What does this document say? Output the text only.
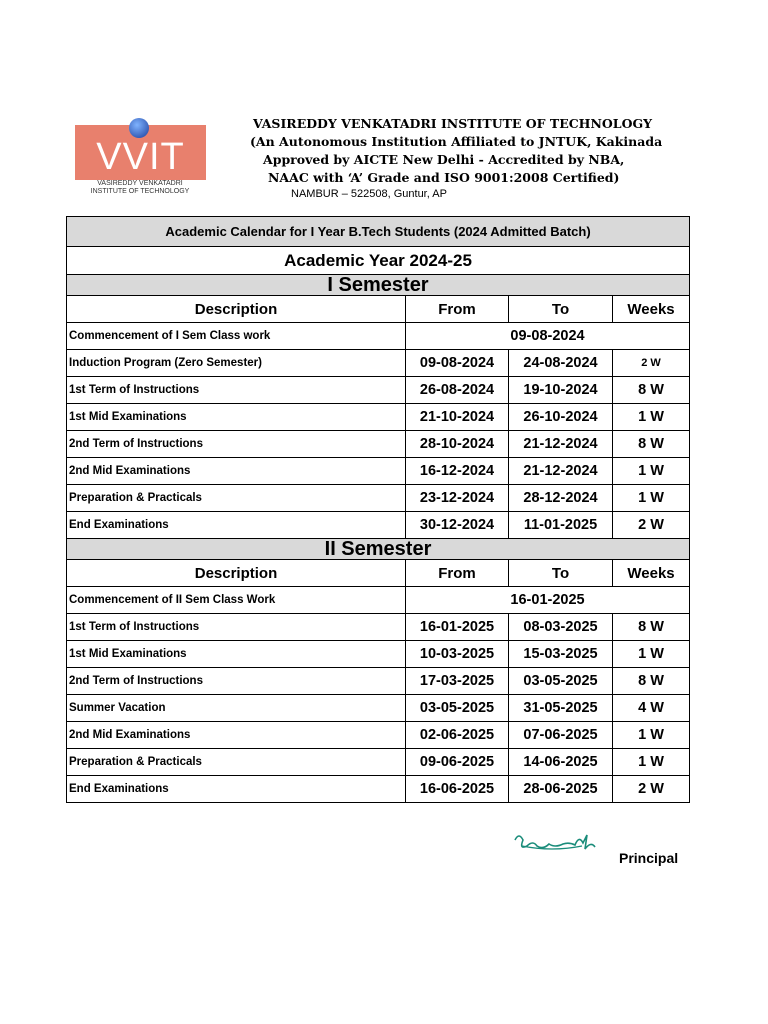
VVIT
VASIREDDY VENKATADRI
INSTITUTE OF TECHNOLOGY
VASIREDDY VENKATADRI INSTITUTE OF TECHNOLOGY
(An Autonomous Institution Affiliated to JNTUK, Kakinada
Approved by AICTE New Delhi - Accredited by NBA,
NAAC with ‘A’ Grade and ISO 9001:2008 Certified)
NAMBUR – 522508, Guntur, AP
Academic Calendar for I Year B.Tech Students (2024 Admitted Batch)			
Academic Year 2024-25			
I Semester			
Description	From	To	Weeks
Commencement of I Sem Class work	09-08-2024		
Induction Program (Zero Semester)	09-08-2024	24-08-2024	2 W
1st Term of Instructions	26-08-2024	19-10-2024	8 W
1st Mid Examinations	21-10-2024	26-10-2024	1 W
2nd Term of Instructions	28-10-2024	21-12-2024	8 W
2nd Mid Examinations	16-12-2024	21-12-2024	1 W
Preparation & Practicals	23-12-2024	28-12-2024	1 W
End Examinations	30-12-2024	11-01-2025	2 W
II Semester			
Description	From	To	Weeks
Commencement of II Sem Class Work	16-01-2025		
1st Term of Instructions	16-01-2025	08-03-2025	8 W
1st Mid Examinations	10-03-2025	15-03-2025	1 W
2nd Term of Instructions	17-03-2025	03-05-2025	8 W
Summer Vacation	03-05-2025	31-05-2025	4 W
2nd Mid Examinations	02-06-2025	07-06-2025	1 W
Preparation & Practicals	09-06-2025	14-06-2025	1 W
End Examinations	16-06-2025	28-06-2025	2 W
Principal
